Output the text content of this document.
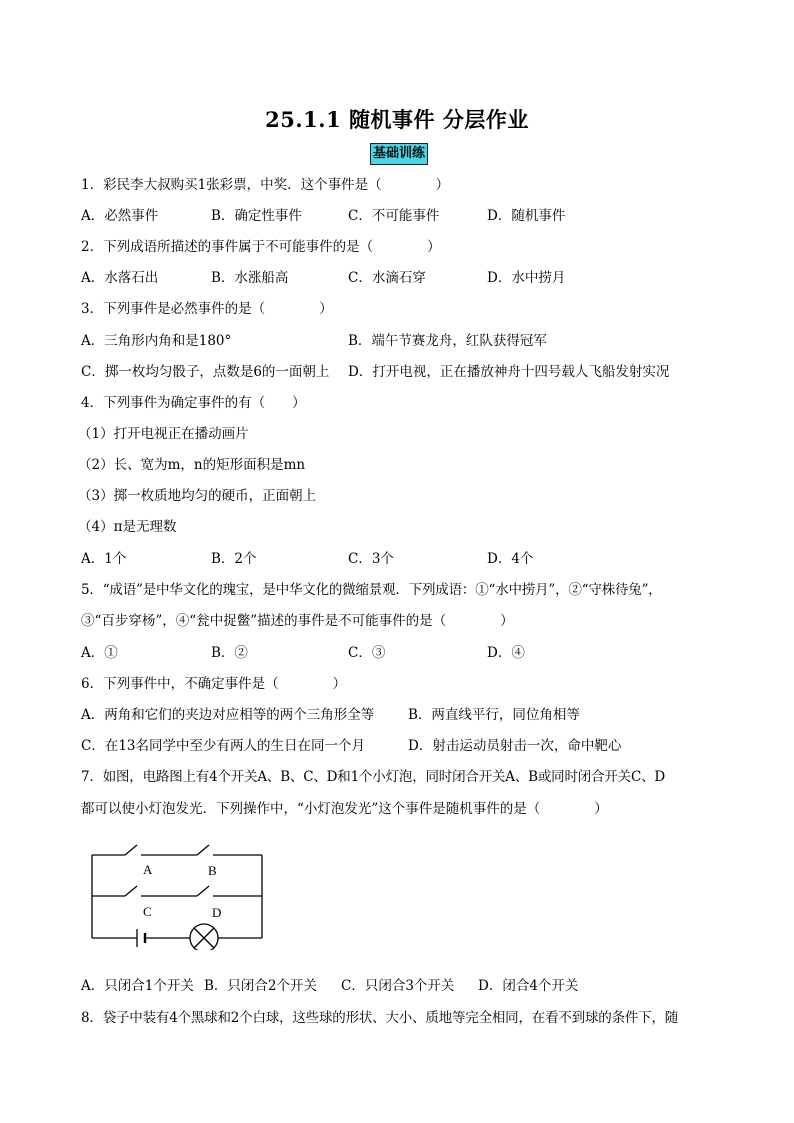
25.1.1 随机事件 分层作业
基础训练
1．彩民李大叔购买1张彩票，中奖．这个事件是（　　　　）
A．必然事件	B．确定性事件	C．不可能事件	D．随机事件
2．下列成语所描述的事件属于不可能事件的是（　　　　）
A．水落石出	B．水涨船高	C．水滴石穿	D．水中捞月
3．下列事件是必然事件的是（　　　　）
A．三角形内角和是180°	B．端午节赛龙舟，红队获得冠军
C．掷一枚均匀骰子，点数是6的一面朝上 D．打开电视，正在播放神舟十四号载人飞船发射实况
4．下列事件为确定事件的有（　　）
（1）打开电视正在播动画片
（2）长、宽为m，n的矩形面积是mn
（3）掷一枚质地均匀的硬币，正面朝上
（4）π是无理数
A．1个	B．2个	C．3个	D．4个
5．“成语”是中华文化的瑰宝，是中华文化的微缩景观．下列成语：①“水中捞月”，②“守株待兔”，
③“百步穿杨”，④“瓮中捉鳖”描述的事件是不可能事件的是（　　　　）
A．①	B．②	C．③	D．④
6．下列事件中，不确定事件是（　　　　）
A．两角和它们的夹边对应相等的两个三角形全等	B．两直线平行，同位角相等
C．在13名同学中至少有两人的生日在同一个月	D．射击运动员射击一次，命中靶心
7．如图，电路图上有4个开关A、B、C、D和1个小灯泡，同时闭合开关A、B或同时闭合开关C、D
都可以使小灯泡发光．下列操作中，“小灯泡发光”这个事件是随机事件的是（　　　　）
A	B
C	D
A．只闭合1个开关 B．只闭合2个开关 C．只闭合3个开关 D．闭合4个开关
8．袋子中装有4个黑球和2个白球，这些球的形状、大小、质地等完全相同，在看不到球的条件下，随
